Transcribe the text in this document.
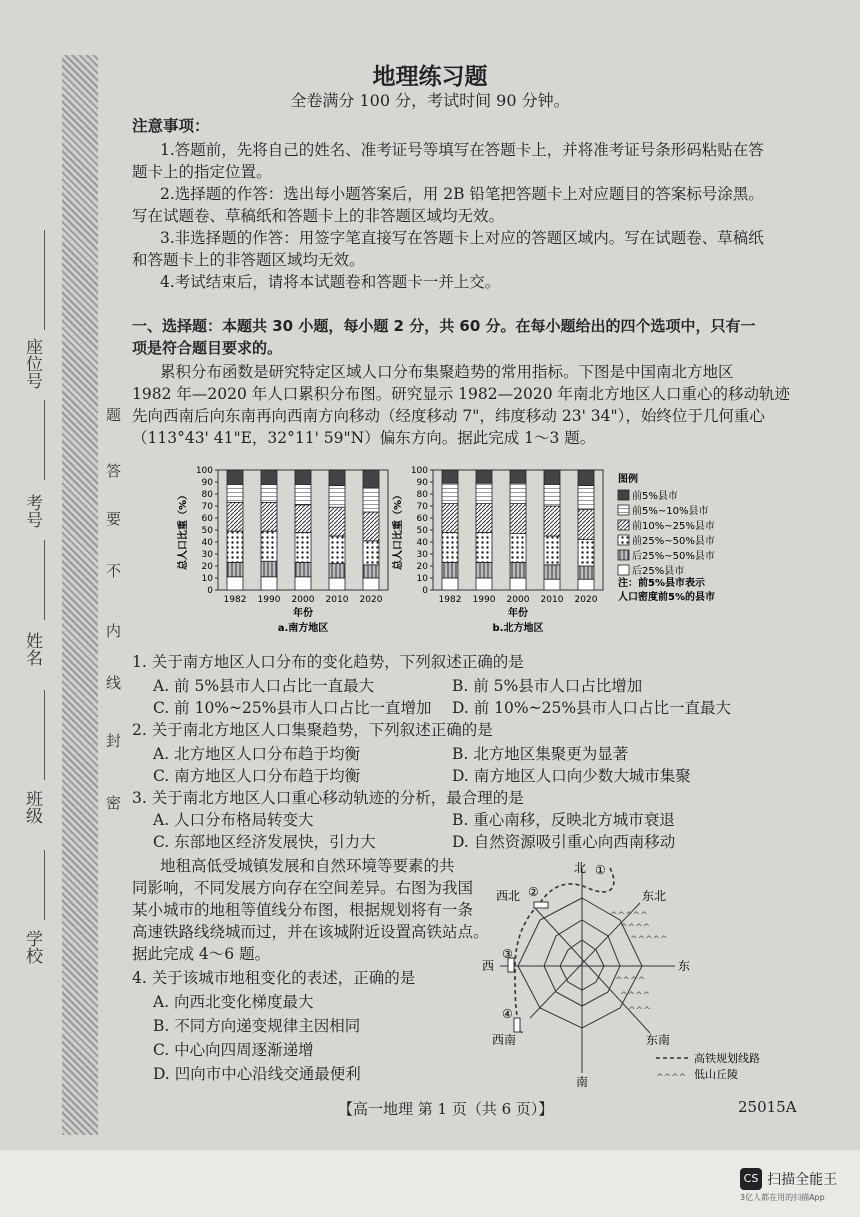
座位号
考号
姓名
班级
学校
题
答
要
不
内
线
封
密
地理练习题
全卷满分 100 分，考试时间 90 分钟。
注意事项：
1.答题前，先将自己的姓名、准考证号等填写在答题卡上，并将准考证号条形码粘贴在答
题卡上的指定位置。
2.选择题的作答：选出每小题答案后，用 2B 铅笔把答题卡上对应题目的答案标号涂黑。
写在试题卷、草稿纸和答题卡上的非答题区域均无效。
3.非选择题的作答：用签字笔直接写在答题卡上对应的答题区域内。写在试题卷、草稿纸
和答题卡上的非答题区域均无效。
4.考试结束后，请将本试题卷和答题卡一并上交。
一、选择题：本题共 30 小题，每小题 2 分，共 60 分。在每小题给出的四个选项中，只有一
项是符合题目要求的。
累积分布函数是研究特定区域人口分布集聚趋势的常用指标。下图是中国南北方地区
1982 年—2020 年人口累积分布图。研究显示 1982—2020 年南北方地区人口重心的移动轨迹
先向西南后向东南再向西南方向移动（经度移动 7"，纬度移动 23' 34"），始终位于几何重心
（113°43' 41"E，32°11' 59"N）偏东方向。据此完成 1～3 题。
0
10
20
30
40
50
60
70
80
90
100
1982 1990 2000 2010 2020
总人口比重（%）
年份
a.南方地区
0
10
20
30
40
50
60
70
80
90
100
1982 1990 2000 2010 2020
总人口比重（%）
年份
b.北方地区
图例
前5%县市
前5%~10%县市
前10%~25%县市
前25%~50%县市
后25%~50%县市
后25%县市
注：前5%县市表示
人口密度前5%的县市
1. 关于南方地区人口分布的变化趋势，下列叙述正确的是
A. 前 5%县市人口占比一直最大	B. 前 5%县市人口占比增加
C. 前 10%~25%县市人口占比一直增加 D. 前 10%~25%县市人口占比一直最大
2. 关于南北方地区人口集聚趋势，下列叙述正确的是
A. 北方地区人口分布趋于均衡	B. 北方地区集聚更为显著
C. 南方地区人口分布趋于均衡	D. 南方地区人口向少数大城市集聚
3. 关于南北方地区人口重心移动轨迹的分析，最合理的是
A. 人口分布格局转变大	B. 重心南移，反映北方城市衰退
C. 东部地区经济发展快，引力大	D. 自然资源吸引重心向西南移动
地租高低受城镇发展和自然环境等要素的共
同影响，不同发展方向存在空间差异。右图为我国
某小城市的地租等值线分布图，根据规划将有一条
高速铁路线绕城而过，并在该城附近设置高铁站点。
据此完成 4～6 题。
4. 关于该城市地租变化的表述，正确的是
A. 向西北变化梯度最大
B. 不同方向递变规律主因相同
C. 中心向四周逐渐递增
D. 凹向市中心沿线交通最便利
^^^^^
^^^^
^^^^^
^^^^
^^^^
^^^
北 ①
西北 ②	东北
东
西
③
④
西南	东南
南
高铁规划线路
^^^^ 低山丘陵
【高一地理 第 1 页（共 6 页）】	25015A
CS 扫描全能王
3亿人都在用的扫描App
